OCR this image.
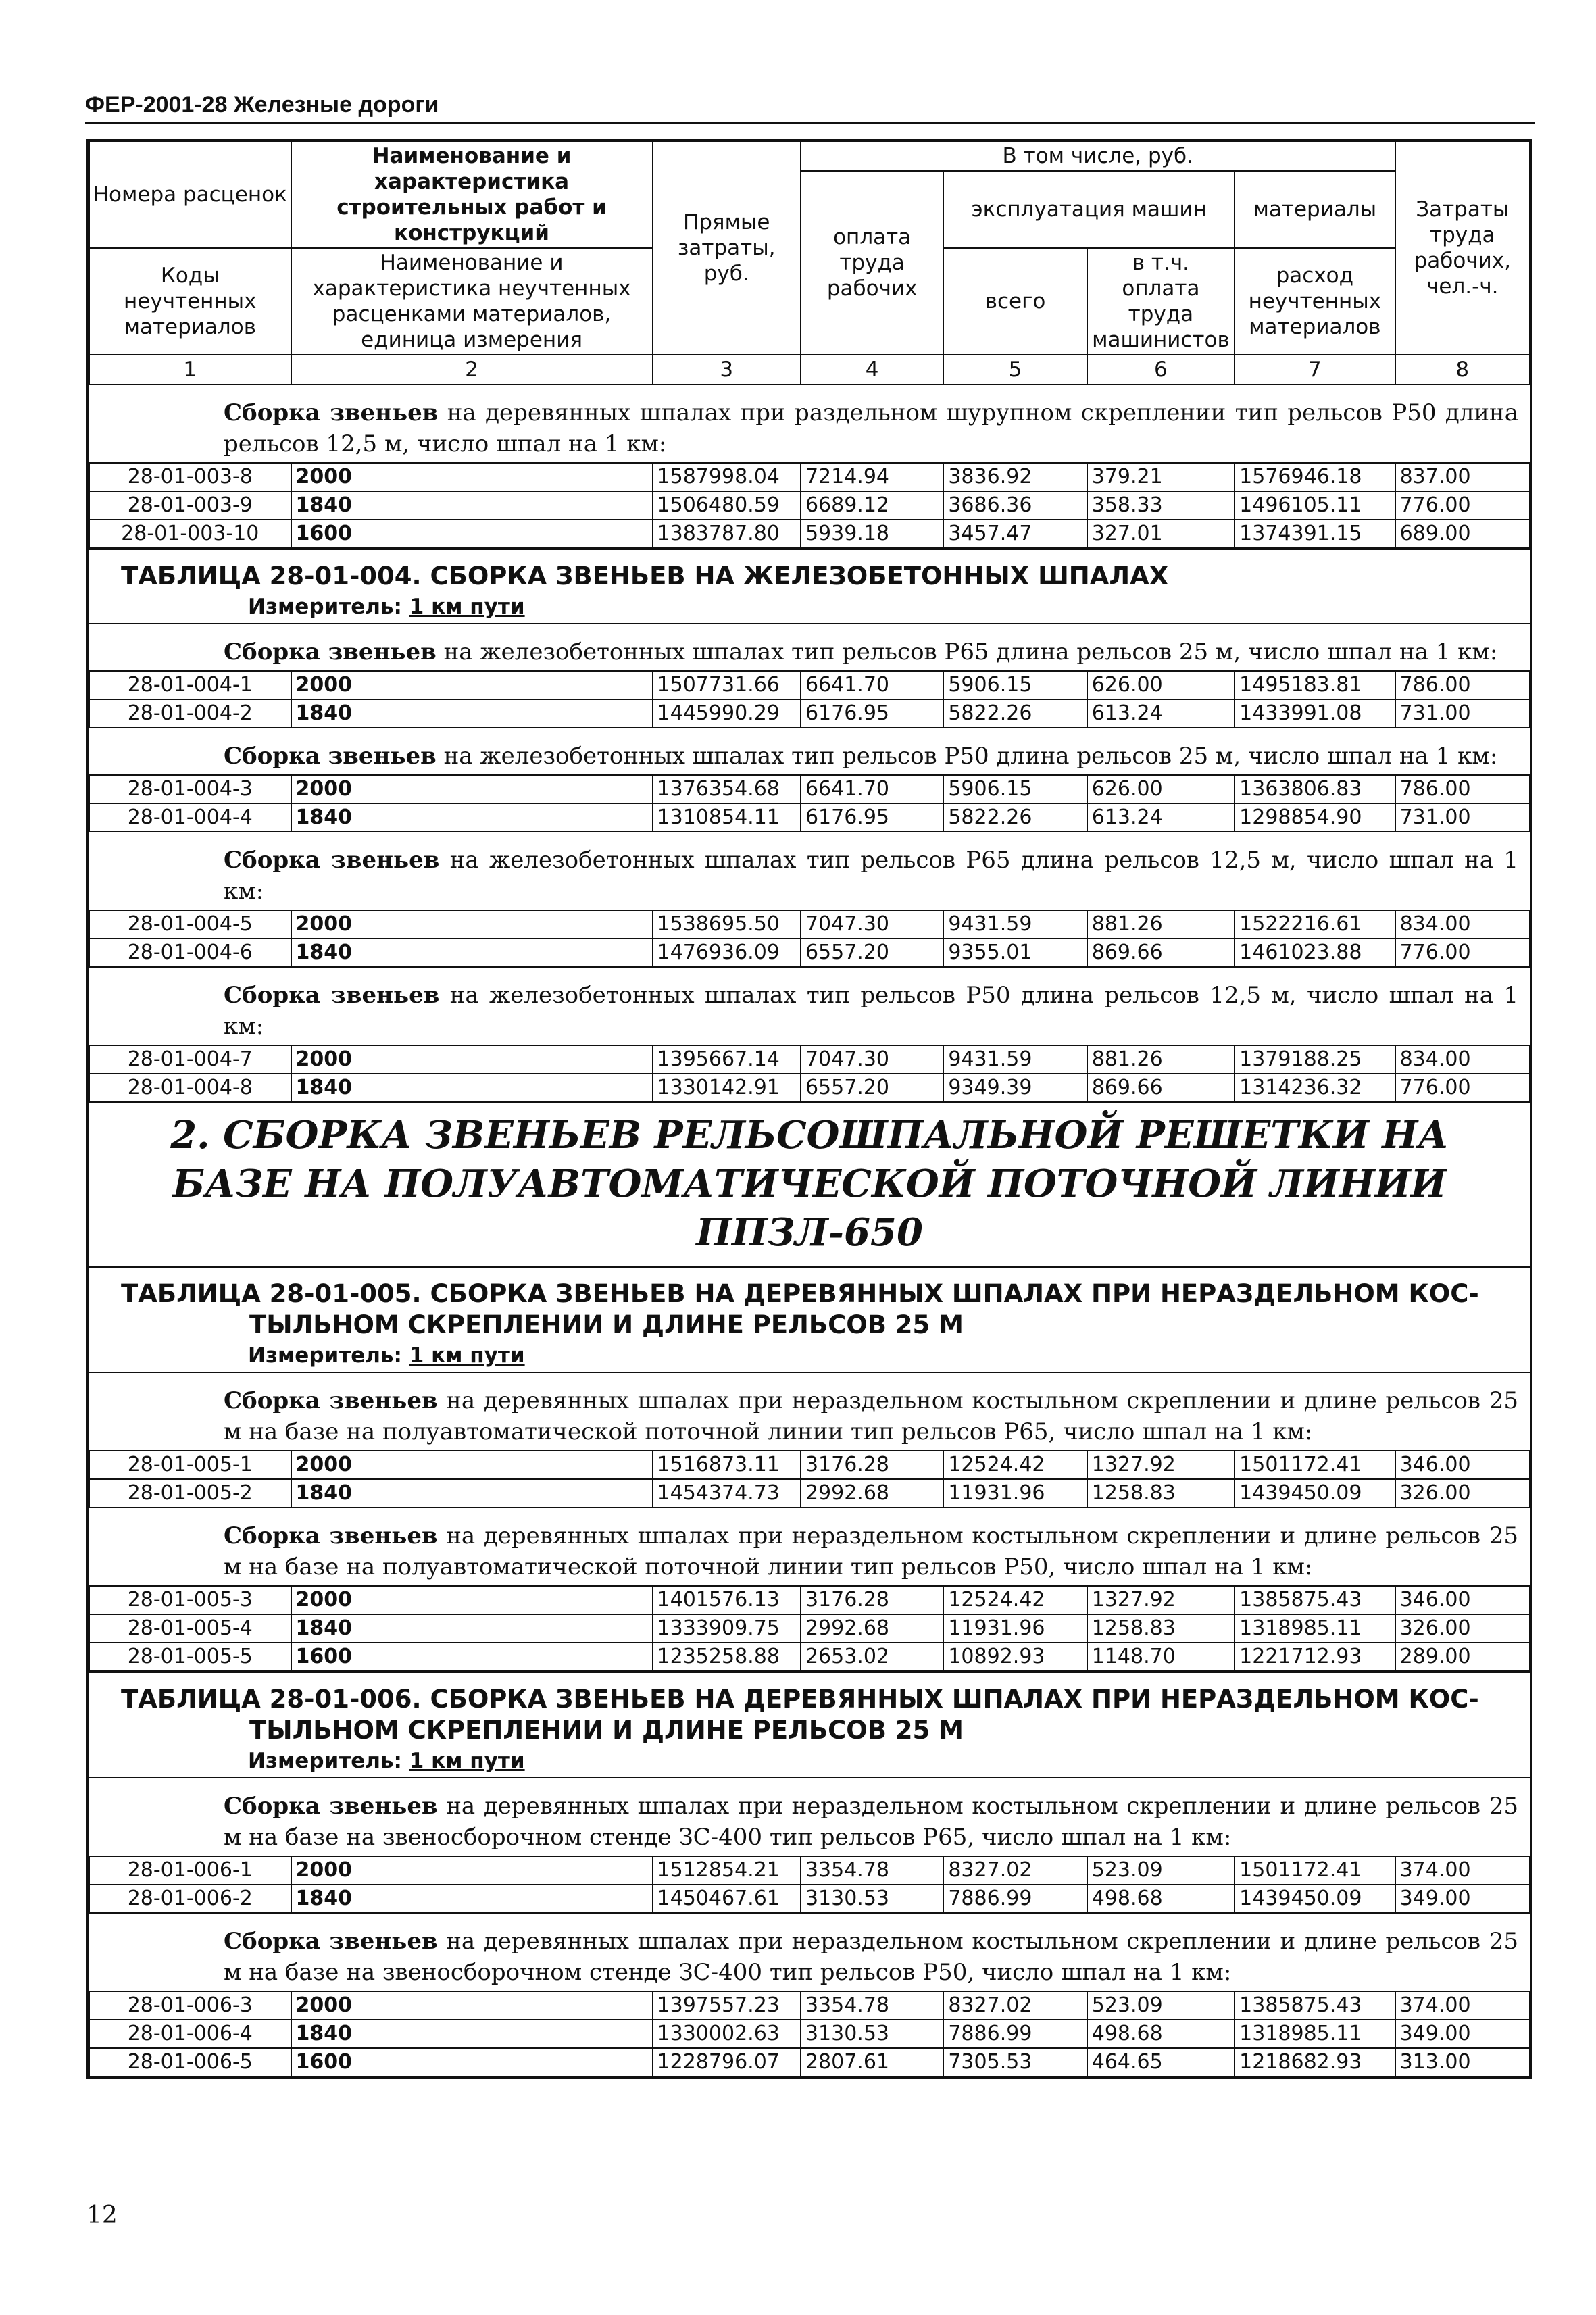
ФЕР-2001-28 Железные дороги
Номера расценок	Наименование и характеристика строительных работ и конструкций	Прямые затраты, руб.	В том числе, руб.				Затраты труда рабочих, чел.-ч.
			оплата труда рабочих	эксплуатация машин		материалы	
Коды неучтенных материалов	Наименование и характеристика неучтенных расценками материалов, единица измерения			всего	в т.ч. оплата труда машинистов	расход неучтенных материалов	

1	2	3	4	5	6	7	8
Сборка звеньев на деревянных шпалах при раздельном шурупном скреплении тип рельсов Р50 длина рельсов 12,5 м, число шпал на 1 км:
28-01-003-8	2000	1587998.04	7214.94	3836.92	379.21	1576946.18	837.00
28-01-003-9	1840	1506480.59	6689.12	3686.36	358.33	1496105.11	776.00
28-01-003-10	1600	1383787.80	5939.18	3457.47	327.01	1374391.15	689.00
ТАБЛИЦА 28-01-004. СБОРКА ЗВЕНЬЕВ НА ЖЕЛЕЗОБЕТОННЫХ ШПАЛАХ
Измеритель: 1 км пути
Сборка звеньев на железобетонных шпалах тип рельсов Р65 длина рельсов 25 м, число шпал на 1 км:
28-01-004-1	2000	1507731.66	6641.70	5906.15	626.00	1495183.81	786.00
28-01-004-2	1840	1445990.29	6176.95	5822.26	613.24	1433991.08	731.00
Сборка звеньев на железобетонных шпалах тип рельсов Р50 длина рельсов 25 м, число шпал на 1 км:
28-01-004-3	2000	1376354.68	6641.70	5906.15	626.00	1363806.83	786.00
28-01-004-4	1840	1310854.11	6176.95	5822.26	613.24	1298854.90	731.00
Сборка звеньев на железобетонных шпалах тип рельсов Р65 длина рельсов 12,5 м, число шпал на 1 км:
28-01-004-5	2000	1538695.50	7047.30	9431.59	881.26	1522216.61	834.00
28-01-004-6	1840	1476936.09	6557.20	9355.01	869.66	1461023.88	776.00
Сборка звеньев на железобетонных шпалах тип рельсов Р50 длина рельсов 12,5 м, число шпал на 1 км:
28-01-004-7	2000	1395667.14	7047.30	9431.59	881.26	1379188.25	834.00
28-01-004-8	1840	1330142.91	6557.20	9349.39	869.66	1314236.32	776.00
2. СБОРКА ЗВЕНЬЕВ РЕЛЬСОШПАЛЬНОЙ РЕШЕТКИ НА БАЗЕ НА ПОЛУАВТОМАТИЧЕСКОЙ ПОТОЧНОЙ ЛИНИИ ППЗЛ-650
ТАБЛИЦА 28-01-005. СБОРКА ЗВЕНЬЕВ НА ДЕРЕВЯННЫХ ШПАЛАХ ПРИ НЕРАЗДЕЛЬНОМ КОС-
ТЫЛЬНОМ СКРЕПЛЕНИИ И ДЛИНЕ РЕЛЬСОВ 25 М
Измеритель: 1 км пути
Сборка звеньев на деревянных шпалах при нераздельном костыльном скреплении и длине рельсов 25 м на базе на полуавтоматической поточной линии тип рельсов Р65, число шпал на 1 км:
28-01-005-1	2000	1516873.11	3176.28	12524.42	1327.92	1501172.41	346.00
28-01-005-2	1840	1454374.73	2992.68	11931.96	1258.83	1439450.09	326.00
Сборка звеньев на деревянных шпалах при нераздельном костыльном скреплении и длине рельсов 25 м на базе на полуавтоматической поточной линии тип рельсов Р50, число шпал на 1 км:
28-01-005-3	2000	1401576.13	3176.28	12524.42	1327.92	1385875.43	346.00
28-01-005-4	1840	1333909.75	2992.68	11931.96	1258.83	1318985.11	326.00
28-01-005-5	1600	1235258.88	2653.02	10892.93	1148.70	1221712.93	289.00
ТАБЛИЦА 28-01-006. СБОРКА ЗВЕНЬЕВ НА ДЕРЕВЯННЫХ ШПАЛАХ ПРИ НЕРАЗДЕЛЬНОМ КОС-
ТЫЛЬНОМ СКРЕПЛЕНИИ И ДЛИНЕ РЕЛЬСОВ 25 М
Измеритель: 1 км пути
Сборка звеньев на деревянных шпалах при нераздельном костыльном скреплении и длине рельсов 25 м на базе на звеносборочном стенде ЗС-400 тип рельсов Р65, число шпал на 1 км:
28-01-006-1	2000	1512854.21	3354.78	8327.02	523.09	1501172.41	374.00
28-01-006-2	1840	1450467.61	3130.53	7886.99	498.68	1439450.09	349.00
Сборка звеньев на деревянных шпалах при нераздельном костыльном скреплении и длине рельсов 25 м на базе на звеносборочном стенде ЗС-400 тип рельсов Р50, число шпал на 1 км:
28-01-006-3	2000	1397557.23	3354.78	8327.02	523.09	1385875.43	374.00
28-01-006-4	1840	1330002.63	3130.53	7886.99	498.68	1318985.11	349.00
28-01-006-5	1600	1228796.07	2807.61	7305.53	464.65	1218682.93	313.00
12
